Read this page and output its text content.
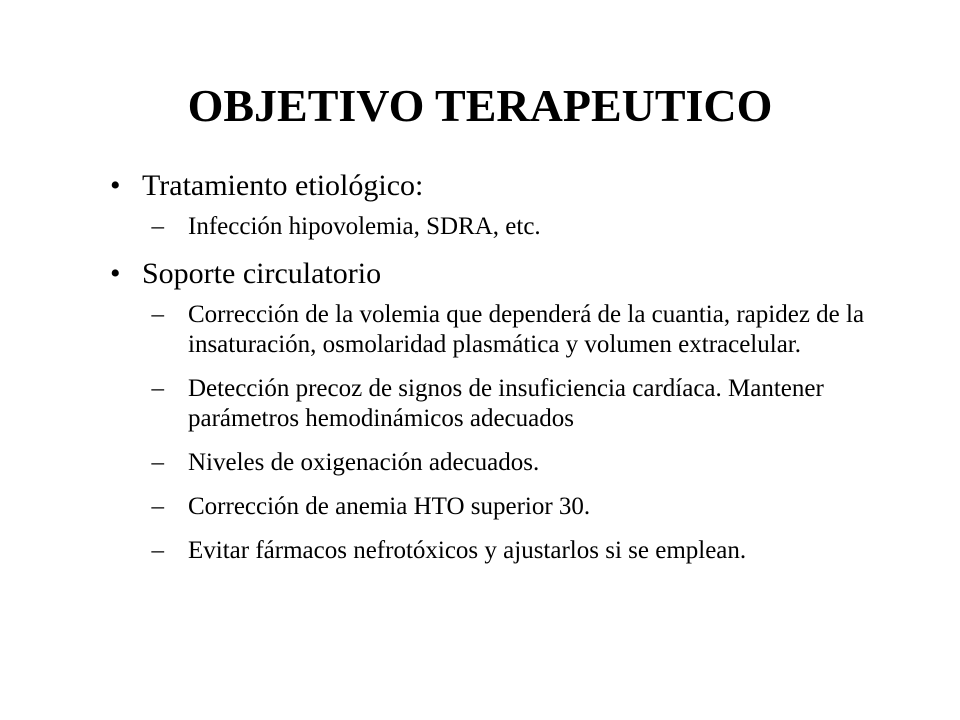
OBJETIVO TERAPEUTICO
• Tratamiento etiológico:
– Infección hipovolemia, SDRA, etc.
• Soporte circulatorio
– Corrección de la volemia que dependerá de la cuantia, rapidez de la insaturación, osmolaridad plasmática y volumen extracelular.
– Detección precoz de signos de insuficiencia cardíaca. Mantener parámetros hemodinámicos adecuados
– Niveles de oxigenación adecuados.
– Corrección de anemia HTO superior 30.
– Evitar fármacos nefrotóxicos y ajustarlos si se emplean.
